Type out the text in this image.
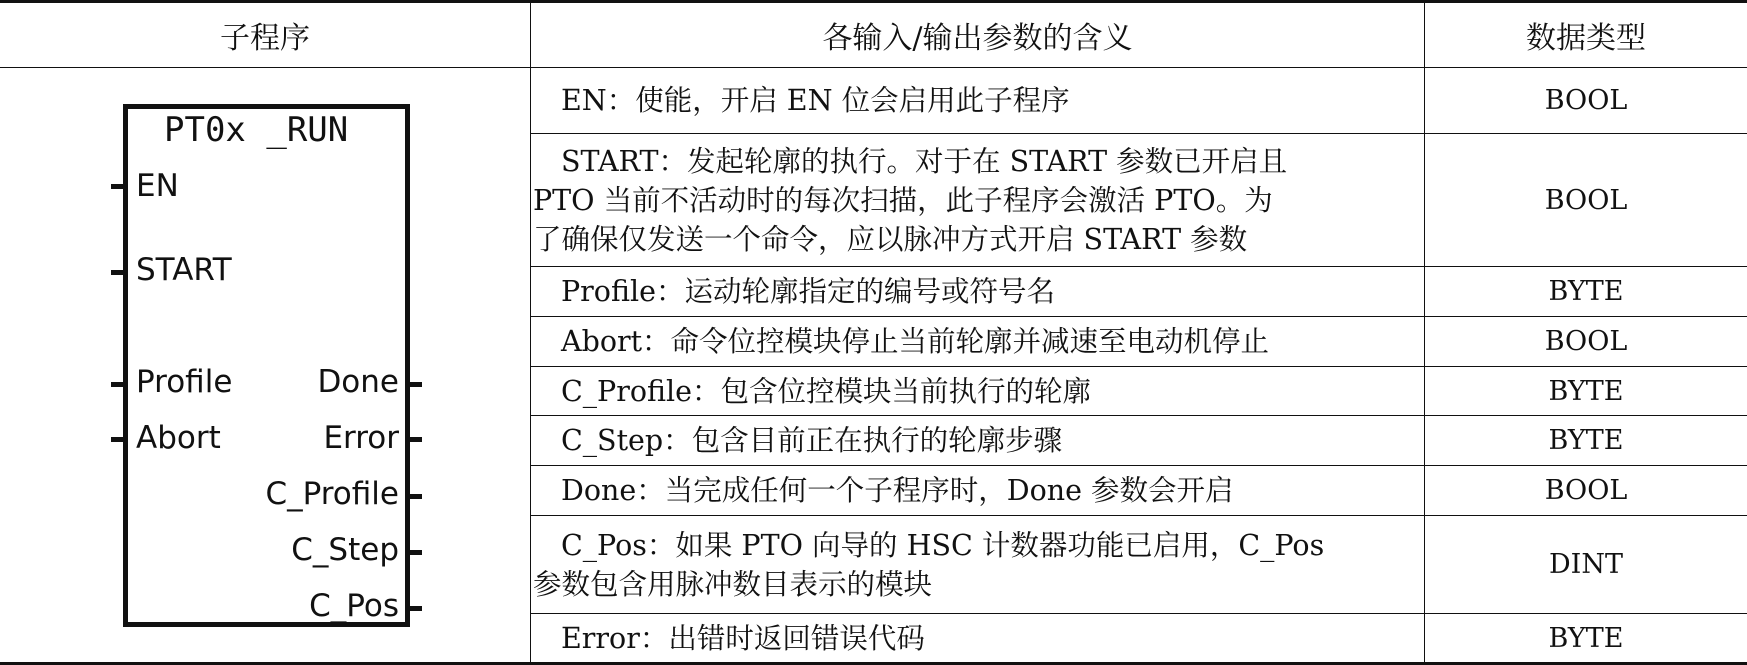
子程序	各输入/输出参数的含义	数据类型
EN：使能，开启 EN 位会启用此子程序
START：发起轮廓的执行。对于在 START 参数已开启且
PTO 当前不活动时的每次扫描，此子程序会激活 PTO。为
了确保仅发送一个命令，应以脉冲方式开启 START 参数
Profile：运动轮廓指定的编号或符号名
Abort：命令位控模块停止当前轮廓并减速至电动机停止
C_Profile：包含位控模块当前执行的轮廓
C_Step：包含目前正在执行的轮廓步骤
Done：当完成任何一个子程序时，Done 参数会开启
C_Pos：如果 PTO 向导的 HSC 计数器功能已启用，C_Pos
参数包含用脉冲数目表示的模块
Error：出错时返回错误代码
BOOL
BOOL
BYTE
BOOL
BYTE
BYTE
BOOL
DINT
BYTE
PT0x _RUN
EN
START
Profile
Abort
Done
Error
C_Profile
C_Step
C_Pos
